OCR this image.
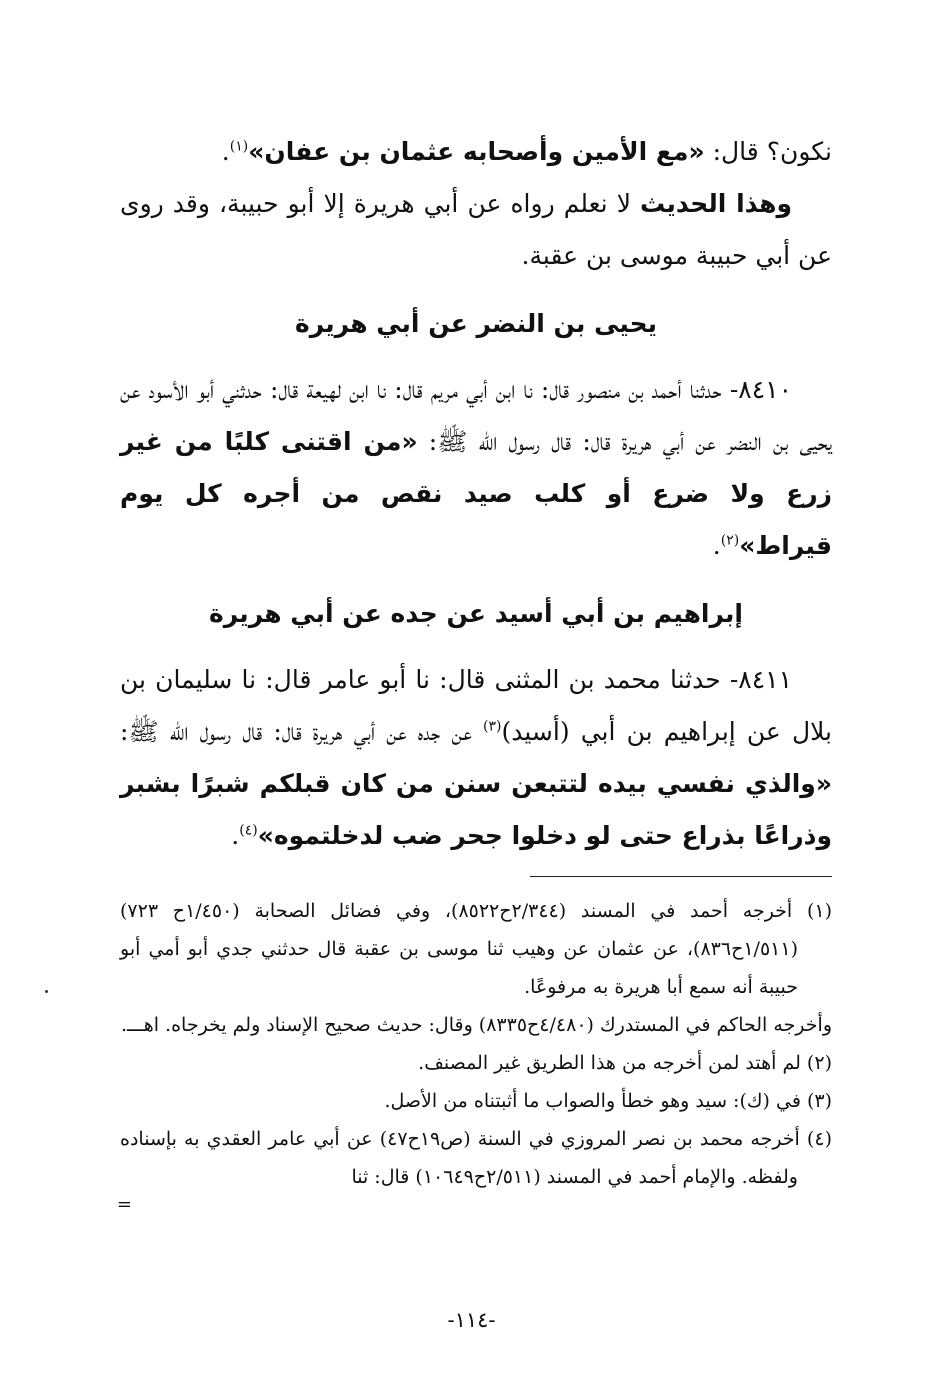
نكون؟ قال: «مع الأمين وأصحابه عثمان بن عفان»$^{(١)}$.

وهذا الحديث لا نعلم رواه عن أبي هريرة إلا أبو حبيبة، وقد روى عن أبي حبيبة موسى بن عقبة.

يحيى بن النضر عن أبي هريرة

٨٤١٠- حدثنا أحمد بن منصور قال: نا ابن أبي مريم قال: نا ابن لهيعة قال: حدثني أبو الأسود عن يحيى بن النضر عن أبي هريرة قال: قال رسول الله ﷺ: «من اقتنى كلبًا من غير زرع ولا ضرع أو كلب صيد نقص من أجره كل يوم قيراط»$^{(٢)}$.

إبراهيم بن أبي أسيد عن جده عن أبي هريرة

٨٤١١- حدثنا محمد بن المثنى قال: نا أبو عامر قال: نا سليمان بن بلال عن إبراهيم بن أبي (أسيد)$^{(٣)}$ عن جده عن أبي هريرة قال: قال رسول الله ﷺ: «والذي نفسي بيده لتتبعن سنن من كان قبلكم شبرًا بشبر وذراعًا بذراع حتى لو دخلوا جحر ضب لدخلتموه»$^{(٤)}$.

(١) أخرجه أحمد في المسند (٢/٣٤٤ح٨٥٢٢)، وفي فضائل الصحابة (١/٤٥٠ح ٧٢٣) (١/٥١١ح٨٣٦)، عن عثمان عن وهيب ثنا موسى بن عقبة قال حدثني جدي أبو أمي أبو حبيبة أنه سمع أبا هريرة به مرفوعًا.

وأخرجه الحاكم في المستدرك (٤/٤٨٠ح٨٣٣٥) وقال: حديث صحيح الإسناد ولم يخرجاه. اهـــ.

(٢) لم أهتد لمن أخرجه من هذا الطريق غير المصنف.

(٣) في (ك): سيد وهو خطأ والصواب ما أثبتناه من الأصل.

(٤) أخرجه محمد بن نصر المروزي في السنة (ص١٩ح٤٧) عن أبي عامر العقدي به بإسناده ولفظه. والإمام أحمد في المسند (٢/٥١١ح١٠٦٤٩) قال: ثنا

=
-١١٤-
